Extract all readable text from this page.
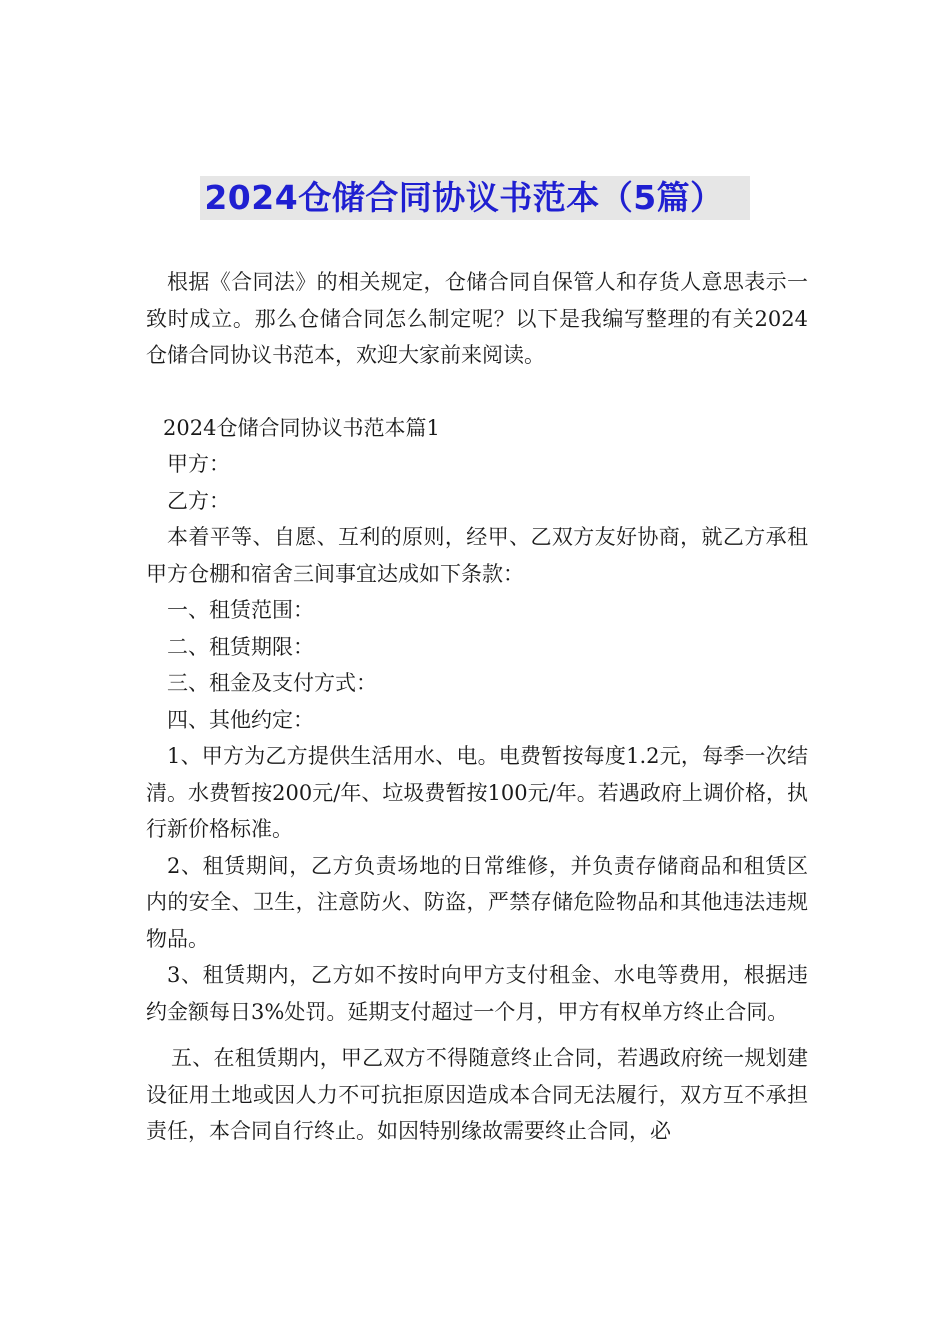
2024仓储合同协议书范本（5篇）

根据《合同法》的相关规定，仓储合同自保管人和存货人意思表示一致时成立。那么仓储合同怎么制定呢？以下是我编写整理的有关2024仓储合同协议书范本，欢迎大家前来阅读。

2024仓储合同协议书范本篇1

甲方：

乙方：

本着平等、自愿、互利的原则，经甲、乙双方友好协商，就乙方承租甲方仓棚和宿舍三间事宜达成如下条款：

一、租赁范围：

二、租赁期限：

三、租金及支付方式：

四、其他约定：

1、甲方为乙方提供生活用水、电。电费暂按每度1.2元，每季一次结清。水费暂按200元/年、垃圾费暂按100元/年。若遇政府上调价格，执行新价格标准。

2、租赁期间，乙方负责场地的日常维修，并负责存储商品和租赁区内的安全、卫生，注意防火、防盗，严禁存储危险物品和其他违法违规物品。

3、租赁期内，乙方如不按时向甲方支付租金、水电等费用，根据违约金额每日3%处罚。延期支付超过一个月，甲方有权单方终止合同。

五、在租赁期内，甲乙双方不得随意终止合同，若遇政府统一规划建设征用土地或因人力不可抗拒原因造成本合同无法履行，双方互不承担责任，本合同自行终止。如因特别缘故需要终止合同，必
